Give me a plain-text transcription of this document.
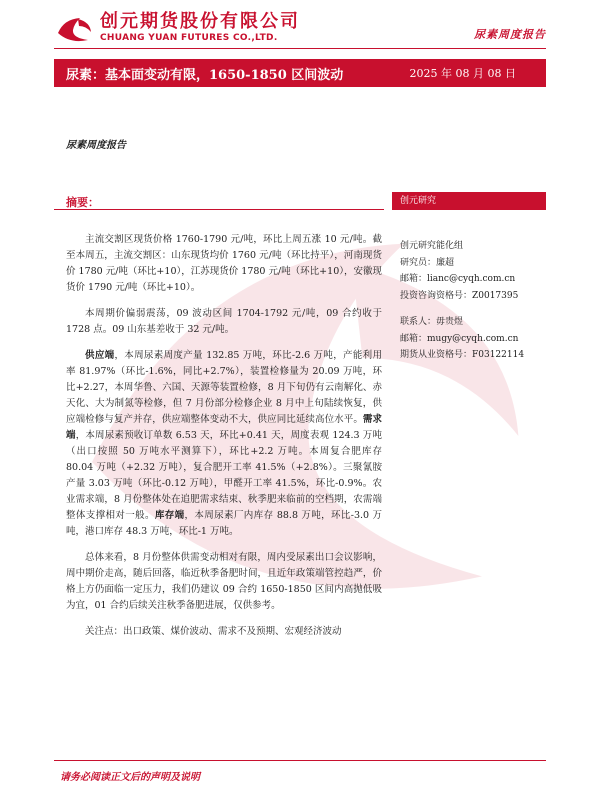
创元期货股份有限公司
CHUANG YUAN FUTURES CO.,LTD.	尿素周度报告
尿素：基本面变动有限，1650-1850 区间波动	2025 年 08 月 08 日
尿素周度报告
摘要：	创元研究

主流交割区现货价格 1760-1790 元/吨，环比上周五涨 10 元/吨。截至本周五，主流交割区：山东现货均价 1760 元/吨（环比持平），河南现货价 1780 元/吨（环比+10），江苏现货价 1780 元/吨（环比+10），安徽现货价 1790 元/吨（环比+10）。

本周期价偏弱震荡，09 波动区间 1704-1792 元/吨，09 合约收于 1728 点。09 山东基差收于 32 元/吨。

供应端，本周尿素周度产量 132.85 万吨，环比-2.6 万吨，产能利用率 81.97%（环比-1.6%，同比+2.7%），装置检修量为 20.09 万吨，环比+2.27，本周华鲁、六国、天源等装置检修，8 月下旬仍有云南解化、赤天化、大为制氮等检修，但 7 月份部分检修企业 8 月中上旬陆续恢复，供应端检修与复产并存，供应端整体变动不大，供应同比延续高位水平。需求端，本周尿素预收订单数 6.53 天，环比+0.41 天，周度表观 124.3 万吨（出口按照 50 万吨水平测算下），环比+2.2 万吨。本周复合肥库存 80.04 万吨（+2.32 万吨），复合肥开工率 41.5%（+2.8%）。三聚氰胺产量 3.03 万吨（环比-0.12 万吨），甲醛开工率 41.5%，环比-0.9%。农业需求端，8 月份整体处在追肥需求结束、秋季肥来临前的空档期，农需端整体支撑相对一般。库存端，本周尿素厂内库存 88.8 万吨，环比-3.0 万吨，港口库存 48.3 万吨，环比-1 万吨。

总体来看，8 月份整体供需变动相对有限，周内受尿素出口会议影响，周中期价走高，随后回落，临近秋季备肥时间，且近年政策端管控趋严，价格上方仍面临一定压力，我们仍建议 09 合约 1650-1850 区间内高抛低吸为宜，01 合约后续关注秋季备肥进展，仅供参考。

关注点：出口政策、煤价波动、需求不及预期、宏观经济波动

创元研究能化组
研究员：廉超
邮箱：lianc@cyqh.com.cn
投资咨询资格号：Z0017395
联系人：毋贵煜
邮箱：mugy@cyqh.com.cn
期货从业资格号：F03122114
请务必阅读正文后的声明及说明
